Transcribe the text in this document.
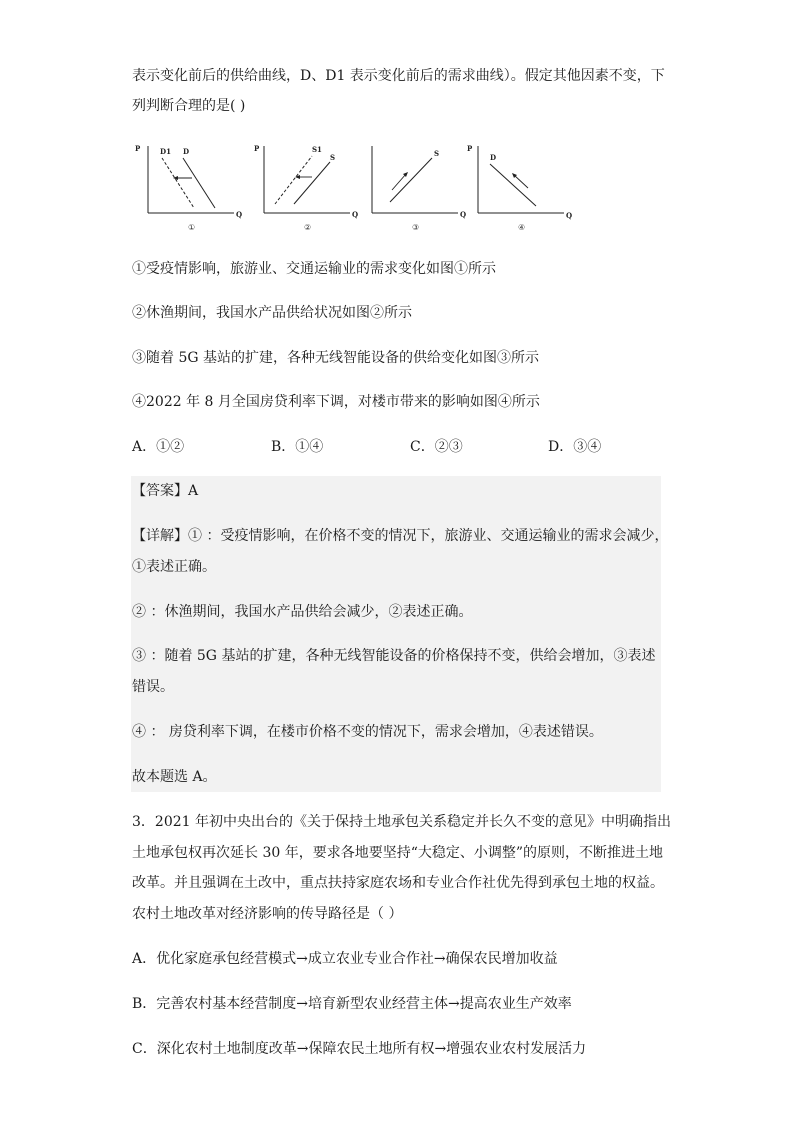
表示变化前后的供给曲线，D、D1 表示变化前后的需求曲线）。假定其他因素不变，下
列判断合理的是( )
P
Q
D1 D
①
P
Q
S1
S
②
Q
S
③
P
Q
D
④
①受疫情影响，旅游业、交通运输业的需求变化如图①所示
②休渔期间，我国水产品供给状况如图②所示
③随着 5G 基站的扩建，各种无线智能设备的供给变化如图③所示
④2022 年 8 月全国房贷利率下调，对楼市带来的影响如图④所示
A．①②	B．①④	C．②③	D．③④
【答案】A
【详解】① ：受疫情影响，在价格不变的情况下，旅游业、交通运输业的需求会减少，
①表述正确。
② ：休渔期间，我国水产品供给会减少，②表述正确。
③ ：随着 5G 基站的扩建，各种无线智能设备的价格保持不变，供给会增加，③表述
错误。
④ ： 房贷利率下调，在楼市价格不变的情况下，需求会增加，④表述错误。
故本题选 A。
3．2021 年初中央出台的《关于保持土地承包关系稳定并长久不变的意见》中明确指出
土地承包权再次延长 30 年，要求各地要坚持“大稳定、小调整”的原则，不断推进土地
改革。并且强调在土改中，重点扶持家庭农场和专业合作社优先得到承包土地的权益。
农村土地改革对经济影响的传导路径是（ ）
A．优化家庭承包经营模式→成立农业专业合作社→确保农民增加收益
B．完善农村基本经营制度→培育新型农业经营主体→提高农业生产效率
C．深化农村土地制度改革→保障农民土地所有权→增强农业农村发展活力
